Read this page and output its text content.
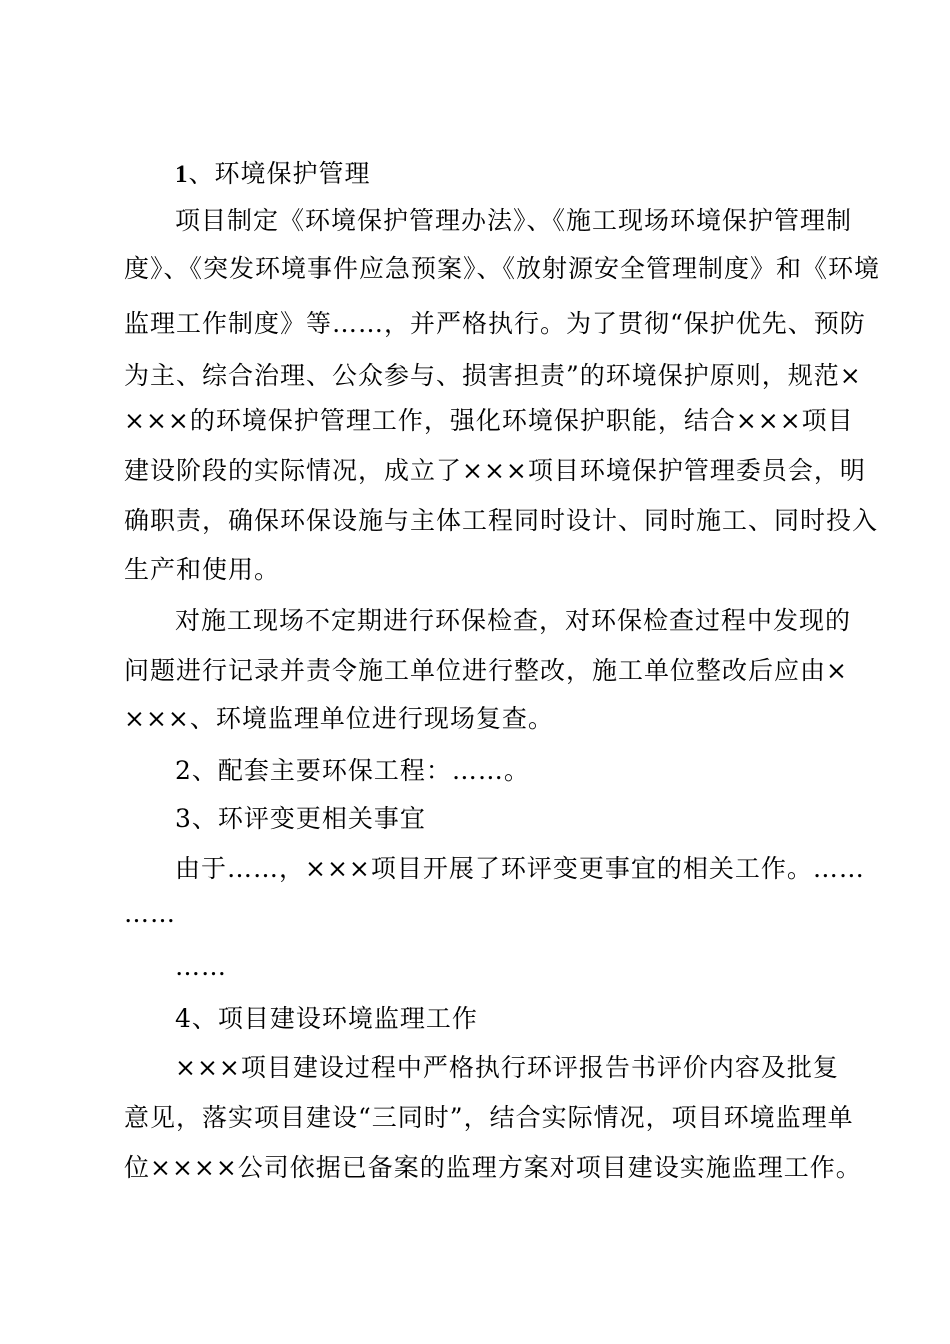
1、环境保护管理
项目制定《环境保护管理办法》、《施工现场环境保护管理制
度》、《突发环境事件应急预案》、《放射源安全管理制度》和《环境
监理工作制度》等……，并严格执行。为了贯彻“保护优先、预防
为主、综合治理、公众参与、损害担责”的环境保护原则，规范×
×××的环境保护管理工作，强化环境保护职能，结合×××项目
建设阶段的实际情况，成立了×××项目环境保护管理委员会，明
确职责，确保环保设施与主体工程同时设计、同时施工、同时投入
生产和使用。
对施工现场不定期进行环保检查，对环保检查过程中发现的
问题进行记录并责令施工单位进行整改，施工单位整改后应由×
×××、环境监理单位进行现场复查。
2、配套主要环保工程：……。
3、环评变更相关事宜
由于……，×××项目开展了环评变更事宜的相关工作。……
……
……
4、项目建设环境监理工作
×××项目建设过程中严格执行环评报告书评价内容及批复
意见，落实项目建设“三同时”，结合实际情况，项目环境监理单
位××××公司依据已备案的监理方案对项目建设实施监理工作。
